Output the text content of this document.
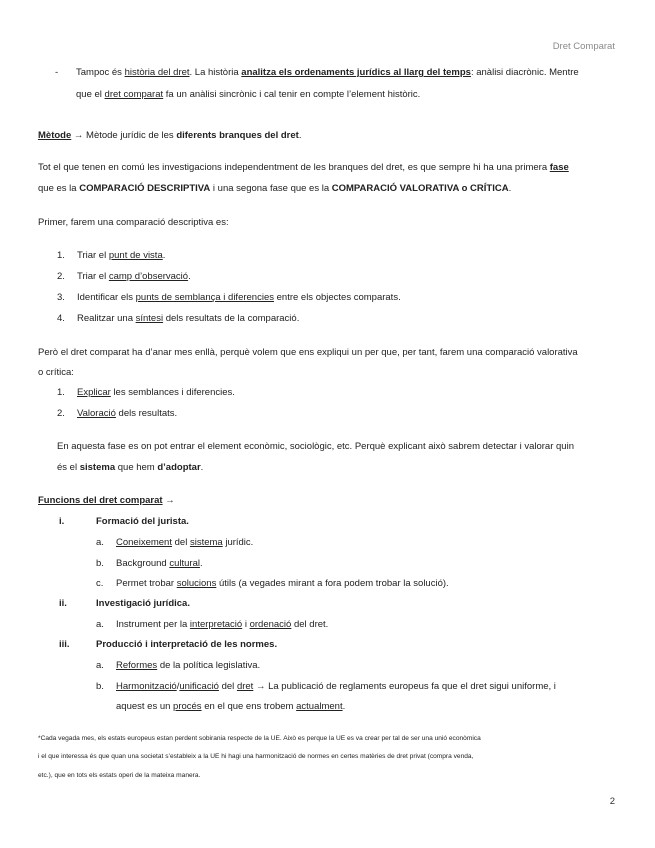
Dret Comparat
- Tampoc és història del dret. La història analitza els ordenaments jurídics al llarg del temps: anàlisi diacrònic. Mentre
que el dret comparat fa un anàlisi sincrònic i cal tenir en compte l’element històric.
Mètode → Mètode jurídic de les diferents branques del dret.
Tot el que tenen en comú les investigacions independentment de les branques del dret, es que sempre hi ha una primera fase
que es la COMPARACIÓ DESCRIPTIVA i una segona fase que es la COMPARACIÓ VALORATIVA o CRÍTICA.
Primer, farem una comparació descriptiva es:
1. Triar el punt de vista.
2. Triar el camp d’observació.
3. Identificar els punts de semblança i diferencies entre els objectes comparats.
4. Realitzar una síntesi dels resultats de la comparació.
Però el dret comparat ha d’anar mes enllà, perquè volem que ens expliqui un per que, per tant, farem una comparació valorativa
o crítica:
1. Explicar les semblances i diferencies.
2. Valoració dels resultats.
En aquesta fase es on pot entrar el element econòmic, sociològic, etc. Perquè explicant això sabrem detectar i valorar quin
és el sistema que hem d’adoptar.
Funcions del dret comparat →
i.	Formació del jurista.
a. Coneixement del sistema jurídic.
b. Background cultural.
c. Permet trobar solucions útils (a vegades mirant a fora podem trobar la solució).
ii.	Investigació jurídica.
a. Instrument per la interpretació i ordenació del dret.
iii.	Producció i interpretació de les normes.
a. Reformes de la política legislativa.
b. Harmonització/unificació del dret → La publicació de reglaments europeus fa que el dret sigui uniforme, i
aquest es un procés en el que ens trobem actualment.
*Cada vegada mes, els estats europeus estan perdent sobirania respecte de la UE. Això es perque la UE es va crear per tal de ser una unió econòmica
i el que interessa és que quan una societat s’estableix a la UE hi hagi una harmonització de normes en certes matèries de dret privat (compra venda,
etc.), que en tots els estats operi de la mateixa manera.
2
